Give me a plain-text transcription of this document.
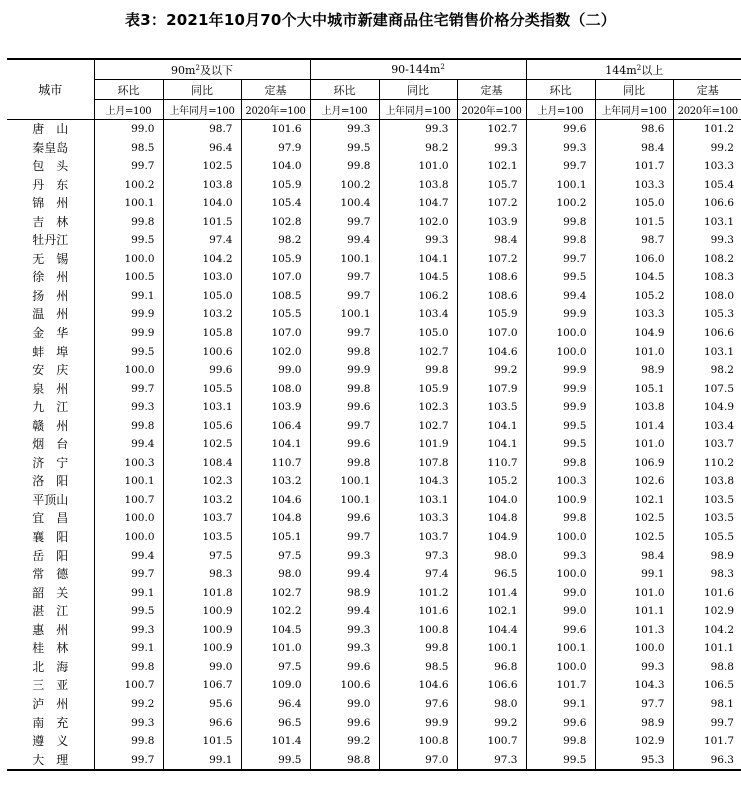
表3：2021年10月70个大中城市新建商品住宅销售价格分类指数（二）
城市	$90m^2$及以下			$90-144m^2$			$144m^2$以上		
	环比	同比	定基	环比	同比	定基	环比	同比	定基
	上月=100	上年同月=100	2020年=100	上月=100	上年同月=100	2020年=100	上月=100	上年同月=100	2020年=100
唐　山	99.0	98.7	101.6	99.3	99.3	102.7	99.6	98.6	101.2
秦皇岛	98.5	96.4	97.9	99.5	98.2	99.3	99.3	98.4	99.2
包　头	99.7	102.5	104.0	99.8	101.0	102.1	99.7	101.7	103.3
丹　东	100.2	103.8	105.9	100.2	103.8	105.7	100.1	103.3	105.4
锦　州	100.1	104.0	105.4	100.4	104.7	107.2	100.2	105.0	106.6
吉　林	99.8	101.5	102.8	99.7	102.0	103.9	99.8	101.5	103.1
牡丹江	99.5	97.4	98.2	99.4	99.3	98.4	99.8	98.7	99.3
无　锡	100.0	104.2	105.9	100.1	104.1	107.2	99.7	106.0	108.2
徐　州	100.5	103.0	107.0	99.7	104.5	108.6	99.5	104.5	108.3
扬　州	99.1	105.0	108.5	99.7	106.2	108.6	99.4	105.2	108.0
温　州	99.9	103.2	105.5	100.1	103.4	105.9	99.9	103.3	105.3
金　华	99.9	105.8	107.0	99.7	105.0	107.0	100.0	104.9	106.6
蚌　埠	99.5	100.6	102.0	99.8	102.7	104.6	100.0	101.0	103.1
安　庆	100.0	99.6	99.0	99.9	99.8	99.2	99.9	98.9	98.2
泉　州	99.7	105.5	108.0	99.8	105.9	107.9	99.9	105.1	107.5
九　江	99.3	103.1	103.9	99.6	102.3	103.5	99.9	103.8	104.9
赣　州	99.8	105.6	106.4	99.7	102.7	104.1	99.5	101.4	103.4
烟　台	99.4	102.5	104.1	99.6	101.9	104.1	99.5	101.0	103.7
济　宁	100.3	108.4	110.7	99.8	107.8	110.7	99.8	106.9	110.2
洛　阳	100.1	102.3	103.2	100.1	104.3	105.2	100.3	102.6	103.8
平顶山	100.7	103.2	104.6	100.1	103.1	104.0	100.9	102.1	103.5
宜　昌	100.0	103.7	104.8	99.6	103.3	104.8	99.8	102.5	103.5
襄　阳	100.0	103.5	105.1	99.7	103.7	104.9	100.0	102.5	105.5
岳　阳	99.4	97.5	97.5	99.3	97.3	98.0	99.3	98.4	98.9
常　德	99.7	98.3	98.0	99.4	97.4	96.5	100.0	99.1	98.3
韶　关	99.1	101.8	102.7	98.9	101.2	101.4	99.0	101.0	101.6
湛　江	99.5	100.9	102.2	99.4	101.6	102.1	99.0	101.1	102.9
惠　州	99.3	100.9	104.5	99.3	100.8	104.4	99.6	101.3	104.2
桂　林	99.1	100.9	101.0	99.3	99.8	100.1	100.1	100.0	101.1
北　海	99.8	99.0	97.5	99.6	98.5	96.8	100.0	99.3	98.8
三　亚	100.7	106.7	109.0	100.6	104.6	106.6	101.7	104.3	106.5
泸　州	99.2	95.6	96.4	99.0	97.6	98.0	99.1	97.7	98.1
南　充	99.3	96.6	96.5	99.6	99.9	99.2	99.6	98.9	99.7
遵　义	99.8	101.5	101.4	99.2	100.8	100.7	99.8	102.9	101.7
大　理	99.7	99.1	99.5	98.8	97.0	97.3	99.5	95.3	96.3
